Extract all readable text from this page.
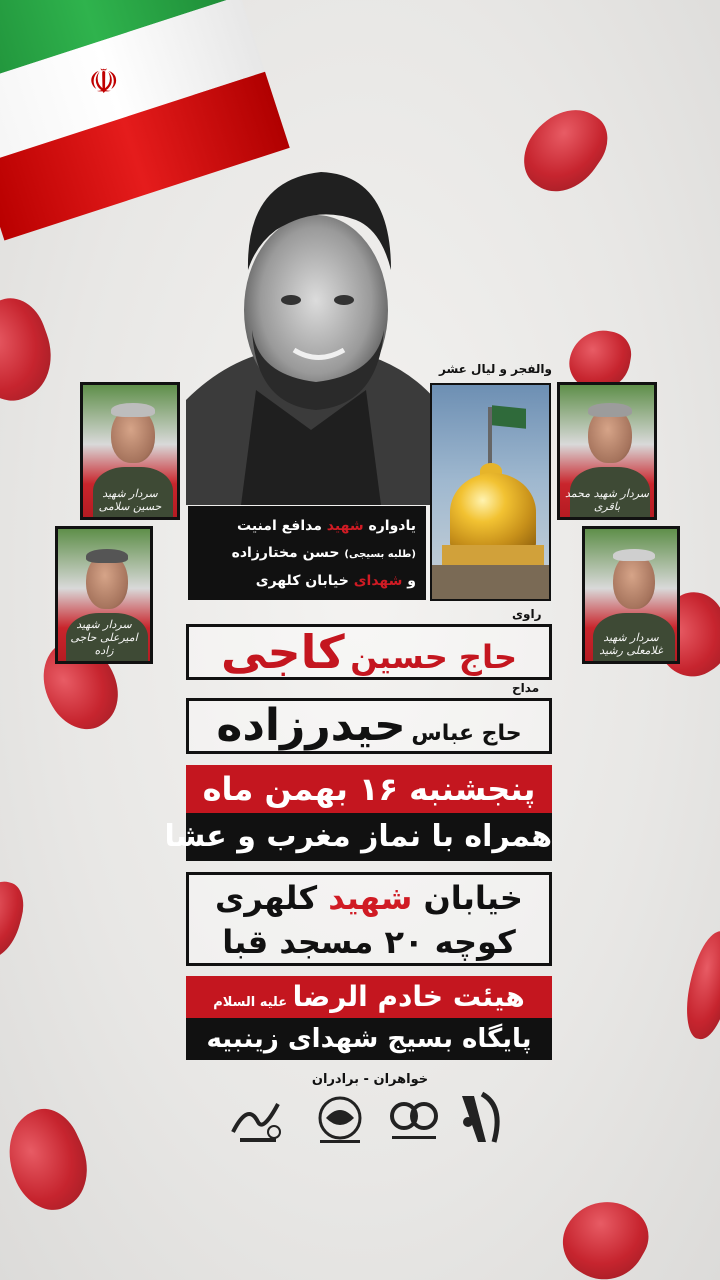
☫
والفجر و لیال عشر
یادواره شهید مدافع امنیت
(طلبه بسیجی) حسن مختارزاده
و شهدای خیابان کلهری
سردار شهید حسین سلامی
سردار شهید امیرعلی حاجی زاده
سردار شهید محمد باقری
سردار شهید غلامعلی رشید
راوی
حاج حسین کاجی
مداح
حاج عباس حیدرزاده
پنجشنبه ۱۶ بهمن ماه
همراه با نماز مغرب و عشا
خیابان شهید کلهری
کوچه ۲۰ مسجد قبا
هیئت خادم الرضا علیه السلام
پایگاه بسیج شهدای زینبیه
خواهران - برادران
